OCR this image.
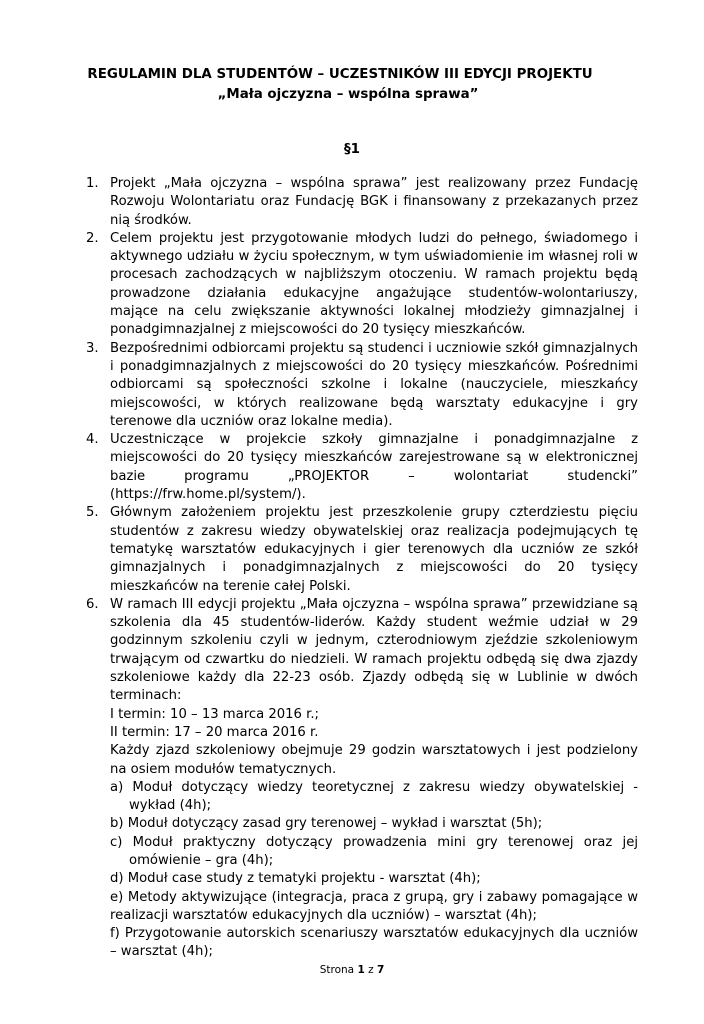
REGULAMIN DLA STUDENTÓW – UCZESTNIKÓW III EDYCJI PROJEKTU
„Mała ojczyzna – wspólna sprawa”
§1
1. Projekt „Mała ojczyzna – wspólna sprawa” jest realizowany przez Fundację Rozwoju Wolontariatu oraz Fundację BGK i finansowany z przekazanych przez nią środków.
2. Celem projektu jest przygotowanie młodych ludzi do pełnego, świadomego i aktywnego udziału w życiu społecznym, w tym uświadomienie im własnej roli w procesach zachodzących w najbliższym otoczeniu. W ramach projektu będą prowadzone działania edukacyjne angażujące studentów-wolontariuszy, mające na celu zwiększanie aktywności lokalnej młodzieży gimnazjalnej i ponadgimnazjalnej z miejscowości do 20 tysięcy mieszkańców.
3. Bezpośrednimi odbiorcami projektu są studenci i uczniowie szkół gimnazjalnych i ponadgimnazjalnych z miejscowości do 20 tysięcy mieszkańców. Pośrednimi odbiorcami są społeczności szkolne i lokalne (nauczyciele, mieszkańcy miejscowości, w których realizowane będą warsztaty edukacyjne i gry terenowe dla uczniów oraz lokalne media).
4. Uczestniczące w projekcie szkoły gimnazjalne i ponadgimnazjalne z miejscowości do 20 tysięcy mieszkańców zarejestrowane są w elektronicznej bazie programu „PROJEKTOR – wolontariat studencki” (https://frw.home.pl/system/).
5. Głównym założeniem projektu jest przeszkolenie grupy czterdziestu pięciu studentów z zakresu wiedzy obywatelskiej oraz realizacja podejmujących tę tematykę warsztatów edukacyjnych i gier terenowych dla uczniów ze szkół gimnazjalnych i ponadgimnazjalnych z miejscowości do 20 tysięcy mieszkańców na terenie całej Polski.
6. W ramach III edycji projektu „Mała ojczyzna – wspólna sprawa” przewidziane są szkolenia dla 45 studentów-liderów. Każdy student weźmie udział w 29 godzinnym szkoleniu czyli w jednym, czterodniowym zjeździe szkoleniowym trwającym od czwartku do niedzieli. W ramach projektu odbędą się dwa zjazdy szkoleniowe każdy dla 22-23 osób. Zjazdy odbędą się w Lublinie w dwóch terminach:
I termin: 10 – 13 marca 2016 r.;
II termin: 17 – 20 marca 2016 r.
Każdy zjazd szkoleniowy obejmuje 29 godzin warsztatowych i jest podzielony na osiem modułów tematycznych.
a) Moduł dotyczący wiedzy teoretycznej z zakresu wiedzy obywatelskiej - wykład (4h);
b) Moduł dotyczący zasad gry terenowej – wykład i warsztat (5h);
c) Moduł praktyczny dotyczący prowadzenia mini gry terenowej oraz jej omówienie – gra (4h);
d) Moduł case study z tematyki projektu - warsztat (4h);
e) Metody aktywizujące (integracja, praca z grupą, gry i zabawy pomagające w realizacji warsztatów edukacyjnych dla uczniów) – warsztat (4h);
f) Przygotowanie autorskich scenariuszy warsztatów edukacyjnych dla uczniów – warsztat (4h);
Strona 1 z 7
